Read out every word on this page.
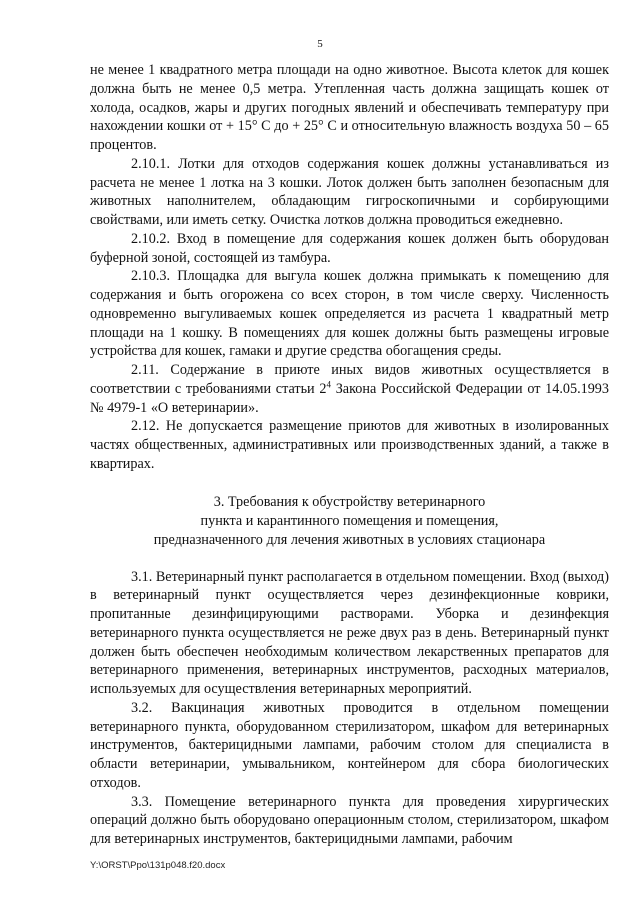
5

не менее 1 квадратного метра площади на одно животное. Высота клеток для кошек должна быть не менее 0,5 метра. Утепленная часть должна защищать кошек от холода, осадков, жары и других погодных явлений и обеспечивать температуру при нахождении кошки от + 15° С до + 25° С и относительную влажность воздуха 50 – 65 процентов.

2.10.1. Лотки для отходов содержания кошек должны устанавливаться из расчета не менее 1 лотка на 3 кошки. Лоток должен быть заполнен безопасным для животных наполнителем, обладающим гигроскопичными и сорбирующими свойствами, или иметь сетку. Очистка лотков должна проводиться ежедневно.

2.10.2. Вход в помещение для содержания кошек должен быть оборудован буферной зоной, состоящей из тамбура.

2.10.3. Площадка для выгула кошек должна примыкать к помещению для содержания и быть огорожена со всех сторон, в том числе сверху. Численность одновременно выгуливаемых кошек определяется из расчета 1 квадратный метр площади на 1 кошку. В помещениях для кошек должны быть размещены игровые устройства для кошек, гамаки и другие средства обогащения среды.

2.11. Содержание в приюте иных видов животных осуществляется в соответствии с требованиями статьи $2^4$ Закона Российской Федерации от 14.05.1993 № 4979-1 «О ветеринарии».

2.12. Не допускается размещение приютов для животных в изолированных частях общественных, административных или производственных зданий, а также в квартирах.

3. Требования к обустройству ветеринарного

пункта и карантинного помещения и помещения,

предназначенного для лечения животных в условиях стационара

3.1. Ветеринарный пункт располагается в отдельном помещении. Вход (выход) в ветеринарный пункт осуществляется через дезинфекционные коврики, пропитанные дезинфицирующими растворами. Уборка и дезинфекция ветеринарного пункта осуществляется не реже двух раз в день. Ветеринарный пункт должен быть обеспечен необходимым количеством лекарственных препаратов для ветеринарного применения, ветеринарных инструментов, расходных материалов, используемых для осуществления ветеринарных мероприятий.

3.2. Вакцинация животных проводится в отдельном помещении ветеринарного пункта, оборудованном стерилизатором, шкафом для ветеринарных инструментов, бактерицидными лампами, рабочим столом для специалиста в области ветеринарии, умывальником, контейнером для сбора биологических отходов.

3.3. Помещение ветеринарного пункта для проведения хирургических операций должно быть оборудовано операционным столом, стерилизатором, шкафом для ветеринарных инструментов, бактерицидными лампами, рабочим

Y:\ORST\Ppo\131p048.f20.docx
